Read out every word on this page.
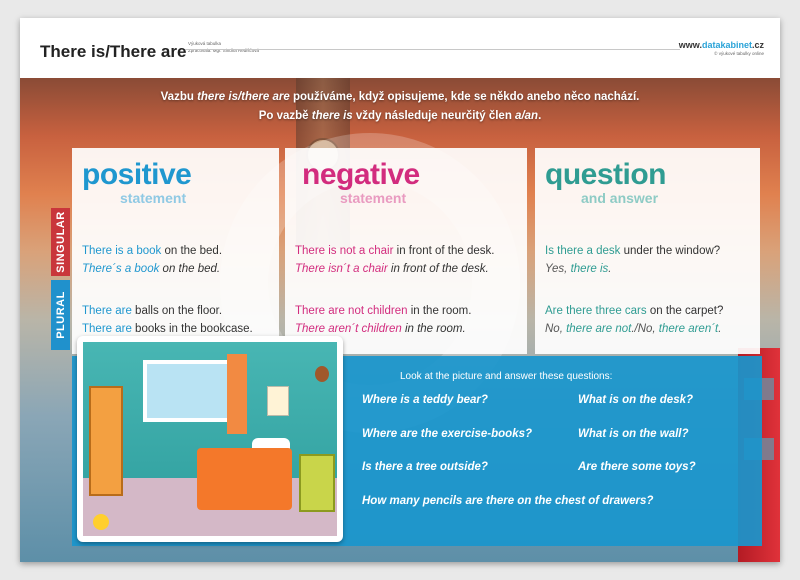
There is/There are Výuková tabulka
Zpracovala: Mgr. Sindha Rediščová
www.datakabinet.cz
© výukové tabulky online
Vazbu there is/there are používáme, když opisujeme, kde se někdo anebo něco nachází.
Po vazbě there is vždy následuje neurčitý člen a/an.
SINGULAR
PLURAL
positive
statement
There is a book on the bed.
There´s a book on the bed.
There are balls on the floor.
There are books in the bookcase.
negative
statement
There is not a chair in front of the desk.
There isn´t a chair in front of the desk.
There are not children in the room.
There aren´t children in the room.
question
and answer
Is there a desk under the window?
Yes, there is.
Are there three cars on the carpet?
No, there are not./No, there aren´t.
Look at the picture and answer these questions:
Where is a teddy bear?	What is on the desk?
Where are the exercise-books?	What is on the wall?
Is there a tree outside?	Are there some toys?
How many pencils are there on the chest of drawers?
